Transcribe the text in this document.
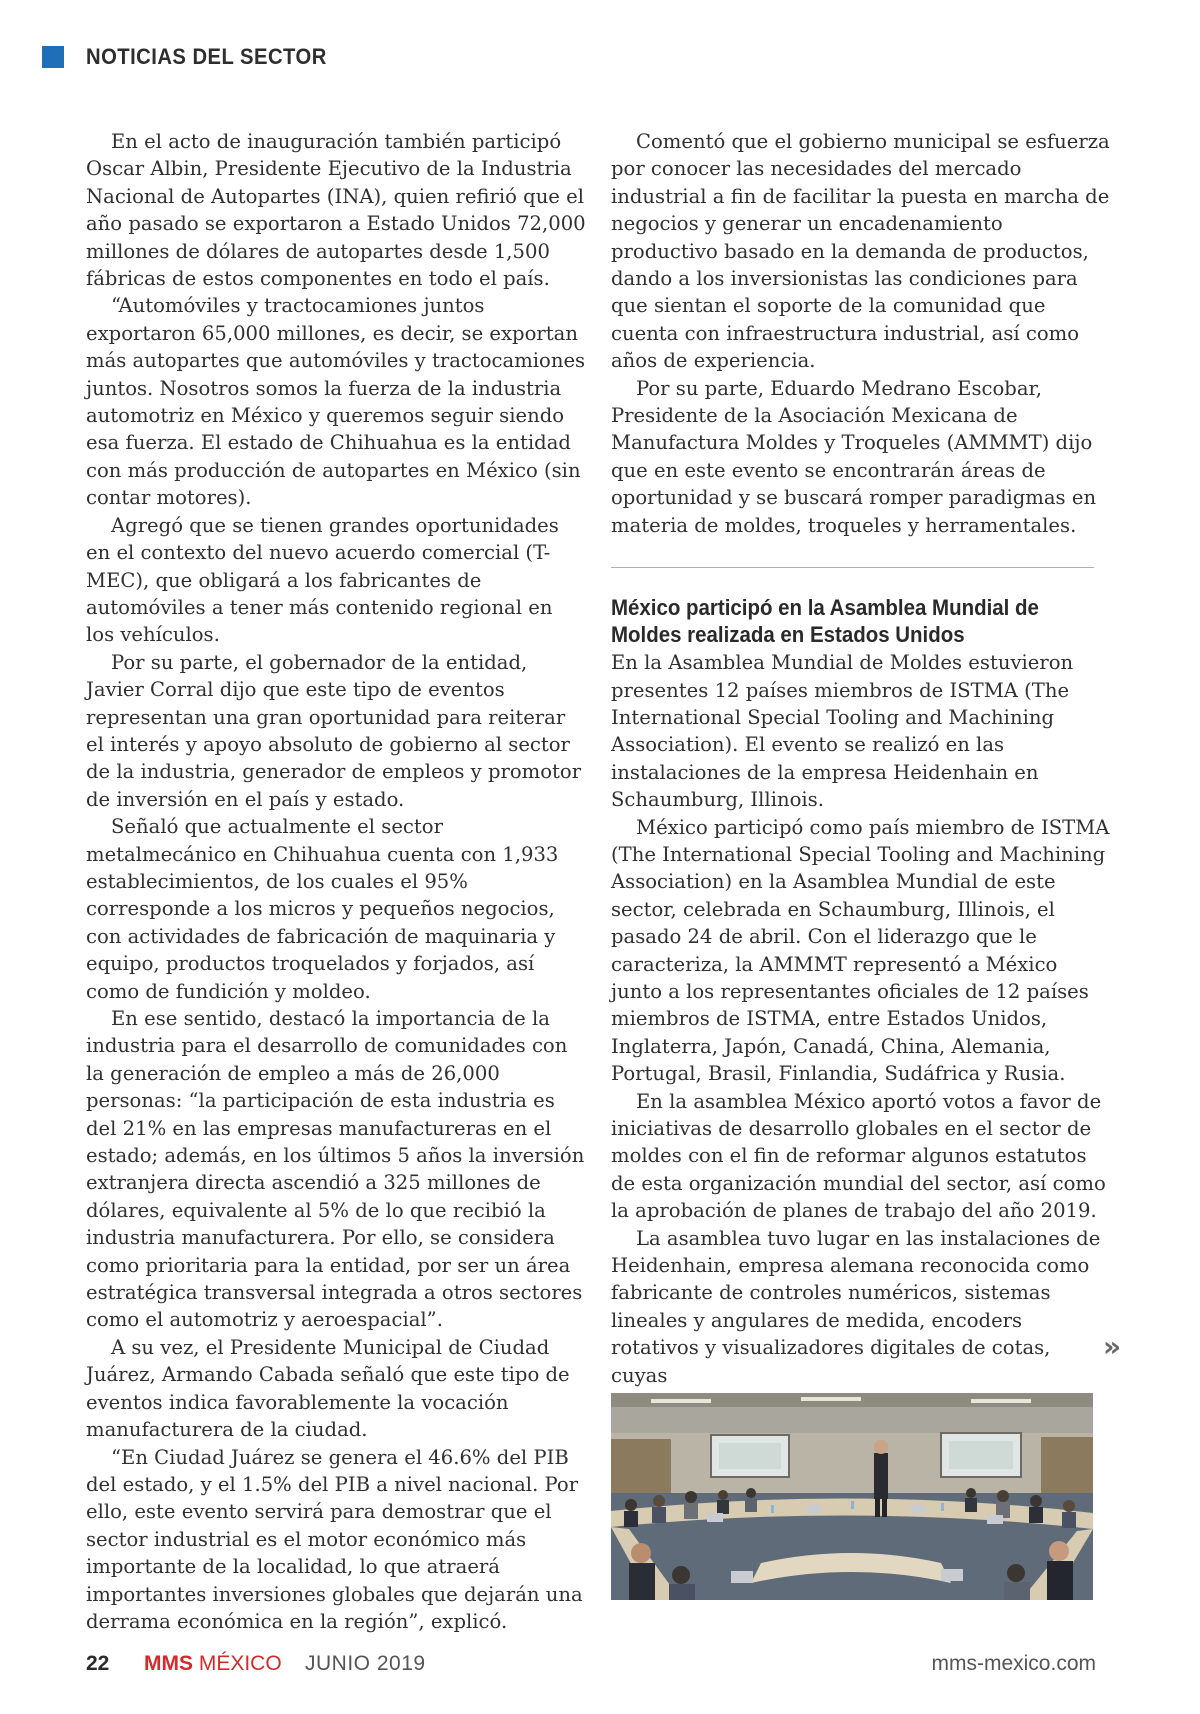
NOTICIAS DEL SECTOR

En el acto de inauguración también participó Oscar Albin, Presidente Ejecutivo de la Industria Nacional de Autopartes (INA), quien refirió que el año pasado se exportaron a Estado Unidos 72,000 millones de dólares de autopartes desde 1,500 fábricas de estos componentes en todo el país.

“Automóviles y tractocamiones juntos exportaron 65,000 millones, es decir, se exportan más autopartes que automóviles y tractocamiones juntos. Nosotros somos la fuerza de la industria automotriz en México y queremos seguir siendo esa fuerza. El estado de Chihuahua es la entidad con más producción de autopartes en México (sin contar motores).

Agregó que se tienen grandes oportunidades en el contexto del nuevo acuerdo comercial (T-MEC), que obligará a los fabricantes de automóviles a tener más contenido regional en los vehículos.

Por su parte, el gobernador de la entidad, Javier Corral dijo que este tipo de eventos representan una gran oportunidad para reiterar el interés y apoyo absoluto de gobierno al sector de la industria, generador de empleos y promotor de inversión en el país y estado.

Señaló que actualmente el sector metalmecánico en Chihuahua cuenta con 1,933 establecimientos, de los cuales el 95% corresponde a los micros y pequeños negocios, con actividades de fabricación de maquinaria y equipo, productos troquelados y forjados, así como de fundición y moldeo.

En ese sentido, destacó la importancia de la industria para el desarrollo de comunidades con la generación de empleo a más de 26,000 personas: “la participación de esta industria es del 21% en las empresas manufactureras en el estado; además, en los últimos 5 años la inversión extranjera directa ascendió a 325 millones de dólares, equivalente al 5% de lo que recibió la industria manufacturera. Por ello, se considera como prioritaria para la entidad, por ser un área estratégica transversal integrada a otros sectores como el automotriz y aeroespacial”.

A su vez, el Presidente Municipal de Ciudad Juárez, Armando Cabada señaló que este tipo de eventos indica favorablemente la vocación manufacturera de la ciudad.

“En Ciudad Juárez se genera el 46.6% del PIB del estado, y el 1.5% del PIB a nivel nacional. Por ello, este evento servirá para demostrar que el sector industrial es el motor económico más importante de la localidad, lo que atraerá importantes inversiones globales que dejarán una derrama económica en la región”, explicó.

Comentó que el gobierno municipal se esfuerza por conocer las necesidades del mercado industrial a fin de facilitar la puesta en marcha de negocios y generar un encadenamiento productivo basado en la demanda de productos, dando a los inversionistas las condiciones para que sientan el soporte de la comunidad que cuenta con infraestructura industrial, así como años de experiencia.

Por su parte, Eduardo Medrano Escobar, Presidente de la Asociación Mexicana de Manufactura Moldes y Troqueles (AMMMT) dijo que en este evento se encontrarán áreas de oportunidad y se buscará romper paradigmas en materia de moldes, troqueles y herramentales.

México participó en la Asamblea Mundial de Moldes realizada en Estados Unidos

En la Asamblea Mundial de Moldes estuvieron presentes 12 países miembros de ISTMA (The International Special Tooling and Machining Association). El evento se realizó en las instalaciones de la empresa Heidenhain en Schaumburg, Illinois.

México participó como país miembro de ISTMA (The International Special Tooling and Machining Association) en la Asamblea Mundial de este sector, celebrada en Schaumburg, Illinois, el pasado 24 de abril. Con el liderazgo que le caracteriza, la AMMMT representó a México junto a los representantes oficiales de 12 países miembros de ISTMA, entre Estados Unidos, Inglaterra, Japón, Canadá, China, Alemania, Portugal, Brasil, Finlandia, Sudáfrica y Rusia.

En la asamblea México aportó votos a favor de iniciativas de desarrollo globales en el sector de moldes con el fin de reformar algunos estatutos de esta organización mundial del sector, así como la aprobación de planes de trabajo del año 2019.

La asamblea tuvo lugar en las instalaciones de Heidenhain, empresa alemana reconocida como fabricante de controles numéricos, sistemas lineales y angulares de medida, encoders rotativos y visualizadores digitales de cotas, cuyas

»
22 MMS MÉXICO JUNIO 2019	mms-mexico.com
